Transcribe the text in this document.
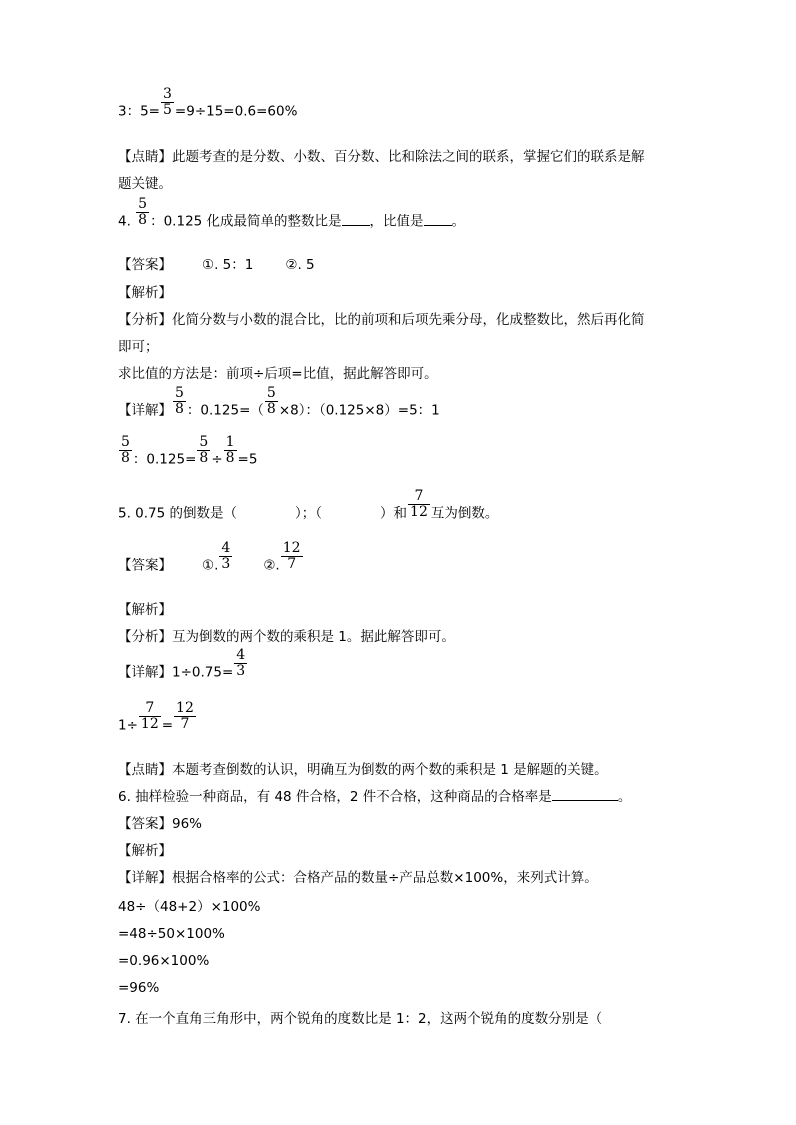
3：$5= \frac{3}{5} =9\div 15=0.6=60\%$
【点睛】此题考查的是分数、小数、百分数、比和除法之间的联系，掌握它们的联系是解
题关键。
4. $\frac{5}{8}$ ：0.125 化成最简单的整数比是 ，比值是 。
【答案】 ①. 5：1 ②. 5
【解析】
【分析】化简分数与小数的混合比，比的前项和后项先乘分母，化成整数比，然后再化简
即可；
求比值的方法是：前项÷后项=比值，据此解答即可。
【详解】 $\frac{5}{8}$ ：$0.125=( \frac{5}{8} \times 8)$：（0.125×8）=5：1
$\frac{5}{8}$ ：$0.125= \frac{5}{8} \div \frac{1}{8} =5$
5. 0.75 的倒数是（	）；（	）和 $\frac{7}{12}$ 互为倒数。
【答案】 ①. $\frac{4}{3}$ ②. $\frac{12}{7}$
【解析】
【分析】互为倒数的两个数的乘积是 1。据此解答即可。
【详解】$1\div 0.75= \frac{4}{3}$
$1\div \frac{7}{12} = \frac{12}{7}$
【点睛】本题考查倒数的认识，明确互为倒数的两个数的乘积是 1 是解题的关键。
6. 抽样检验一种商品，有 48 件合格，2 件不合格，这种商品的合格率是	。
【答案】96%
【解析】
【详解】根据合格率的公式：合格产品的数量÷产品总数×100%，来列式计算。
48÷（48+2）×100%
=48÷50×100%
=0.96×100%
=96%
7. 在一个直角三角形中，两个锐角的度数比是 1：2，这两个锐角的度数分别是（
